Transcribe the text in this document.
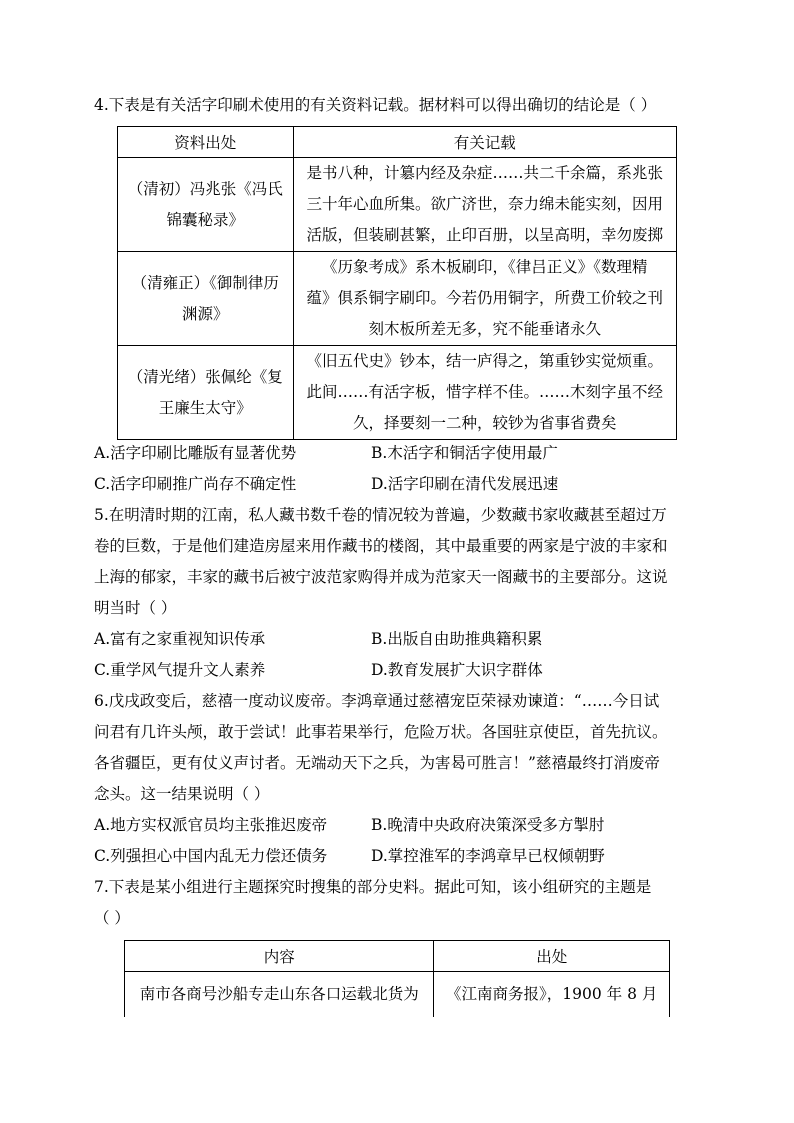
4.下表是有关活字印刷术使用的有关资料记载。据材料可以得出确切的结论是（ ）
资料出处	有关记载

（清初）冯兆张《冯氏
锦囊秘录》	是书八种，计簒内经及杂症……共二千余篇，系兆张
三十年心血所集。欲广济世，奈力绵未能实刻，因用
活版，但装刷甚繁，止印百册，以呈高明，幸勿废掷

（清雍正）《御制律历
渊源》	《历象考成》系木板刷印，《律吕正义》《数理精
蕴》俱系铜字刷印。今若仍用铜字，所费工价较之刊
刻木板所差无多，究不能垂诸永久

（清光绪）张佩纶《复
王廉生太守》	《旧五代史》钞本，结一庐得之，第重钞实觉烦重。
此间……有活字板，惜字样不佳。……木刻字虽不经
久，择要刻一二种，较钞为省事省费矣
A.活字印刷比雕版有显著优势	B.木活字和铜活字使用最广
C.活字印刷推广尚存不确定性	D.活字印刷在清代发展迅速
5.在明清时期的江南，私人藏书数千卷的情况较为普遍，少数藏书家收藏甚至超过万
卷的巨数，于是他们建造房屋来用作藏书的楼阁，其中最重要的两家是宁波的丰家和
上海的郁家，丰家的藏书后被宁波范家购得并成为范家天一阁藏书的主要部分。这说
明当时（ ）
A.富有之家重视知识传承	B.出版自由助推典籍积累
C.重学风气提升文人素养	D.教育发展扩大识字群体
6.戊戌政变后，慈禧一度动议废帝。李鸿章通过慈禧宠臣荣禄劝谏道：“……今日试
问君有几许头颅，敢于尝试！此事若果举行，危险万状。各国驻京使臣，首先抗议。
各省疆臣，更有仗义声讨者。无端动天下之兵，为害曷可胜言！”慈禧最终打消废帝
念头。这一结果说明（ ）
A.地方实权派官员均主张推迟废帝	B.晚清中央政府决策深受多方掣肘
C.列强担心中国内乱无力偿还债务	D.掌控淮军的李鸿章早已权倾朝野
7.下表是某小组进行主题探究时搜集的部分史料。据此可知，该小组研究的主题是
（ ）
内容	出处
南市各商号沙船专走山东各口运载北货为	《江南商务报》，1900 年 8 月
